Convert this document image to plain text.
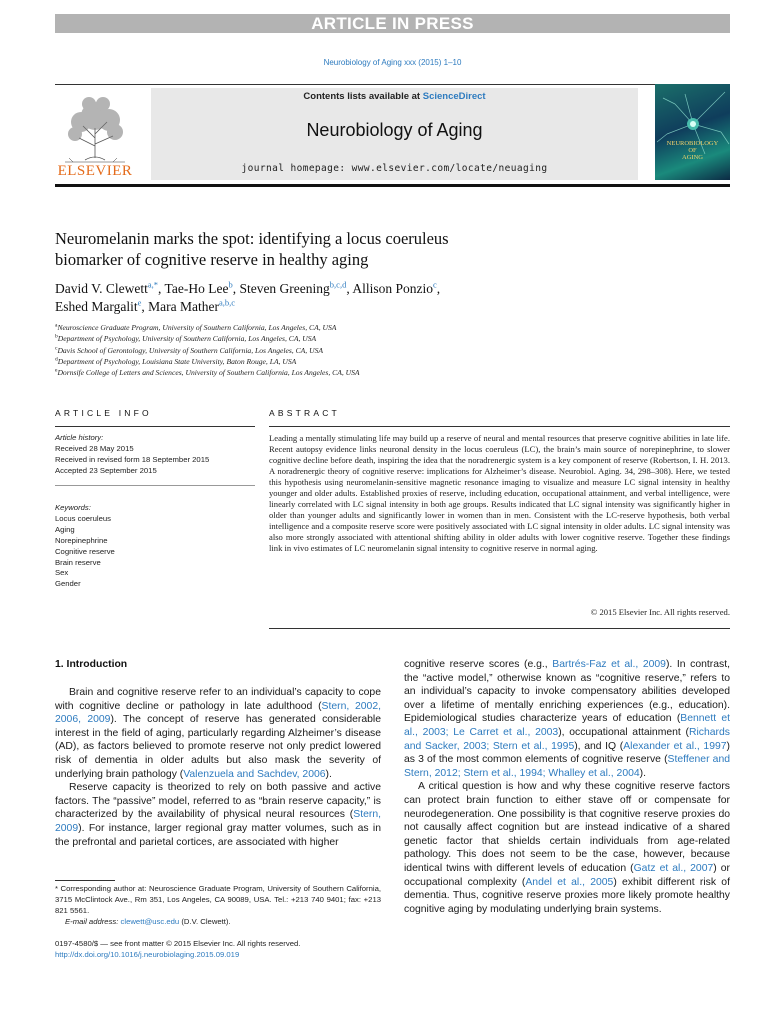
ARTICLE IN PRESS
Neurobiology of Aging xxx (2015) 1–10
ELSEVIER
Contents lists available at ScienceDirect
Neurobiology of Aging
journal homepage: www.elsevier.com/locate/neuaging
NEUROBIOLOGY
OF
AGING
Neuromelanin marks the spot: identifying a locus coeruleus
biomarker of cognitive reserve in healthy aging
David V. Clewett$^{a,*}$, Tae-Ho Lee$^b$, Steven Greening$^{b,c,d}$, Allison Ponzio$^c$,
Eshed Margalit$^e$, Mara Mather$^{a,b,c}$
$^a$Neuroscience Graduate Program, University of Southern California, Los Angeles, CA, USA
$^b$Department of Psychology, University of Southern California, Los Angeles, CA, USA
$^c$Davis School of Gerontology, University of Southern California, Los Angeles, CA, USA
$^d$Department of Psychology, Louisiana State University, Baton Rouge, LA, USA
$^e$Dornsife College of Letters and Sciences, University of Southern California, Los Angeles, CA, USA
ARTICLE INFO	ABSTRACT
Article history:
Received 28 May 2015
Received in revised form 18 September 2015
Accepted 23 September 2015
Keywords:
Locus coeruleus
Aging
Norepinephrine
Cognitive reserve
Brain reserve
Sex
Gender
Leading a mentally stimulating life may build up a reserve of neural and mental resources that preserve cognitive abilities in late life. Recent autopsy evidence links neuronal density in the locus coeruleus (LC), the brain’s main source of norepinephrine, to slower cognitive decline before death, inspiring the idea that the noradrenergic system is a key component of reserve (Robertson, I. H. 2013. A noradrenergic theory of cognitive reserve: implications for Alzheimer’s disease. Neurobiol. Aging. 34, 298–308). Here, we tested this hypothesis using neuromelanin-sensitive magnetic resonance imaging to visualize and measure LC signal intensity in healthy younger and older adults. Established proxies of reserve, including education, occupational attainment, and verbal intelligence, were linearly correlated with LC signal intensity in both age groups. Results indicated that LC signal intensity was significantly higher in older than younger adults and significantly lower in women than in men. Consistent with the LC-reserve hypothesis, both verbal intelligence and a composite reserve score were positively associated with LC signal intensity in older adults. LC signal intensity was also more strongly associated with attentional shifting ability in older adults with lower cognitive reserve. Together these findings link in vivo estimates of LC neuromelanin signal intensity to cognitive reserve in normal aging.
© 2015 Elsevier Inc. All rights reserved.
1. Introduction

Brain and cognitive reserve refer to an individual’s capacity to cope with cognitive decline or pathology in late adulthood (Stern, 2002, 2006, 2009). The concept of reserve has generated considerable interest in the field of aging, particularly regarding Alzheimer’s disease (AD), as factors believed to promote reserve not only predict lowered risk of dementia in older adults but also mask the severity of underlying brain pathology (Valenzuela and Sachdev, 2006).

Reserve capacity is theorized to rely on both passive and active factors. The “passive” model, referred to as “brain reserve capacity,” is characterized by the availability of physical neural resources (Stern, 2009). For instance, larger regional gray matter volumes, such as in the prefrontal and parietal cortices, are associated with higher

cognitive reserve scores (e.g., Bartrés-Faz et al., 2009). In contrast, the “active model,” otherwise known as “cognitive reserve,” refers to an individual’s capacity to invoke compensatory abilities developed over a lifetime of mentally enriching experiences (e.g., education). Epidemiological studies characterize years of education (Bennett et al., 2003; Le Carret et al., 2003), occupational attainment (Richards and Sacker, 2003; Stern et al., 1995), and IQ (Alexander et al., 1997) as 3 of the most common elements of cognitive reserve (Steffener and Stern, 2012; Stern et al., 1994; Whalley et al., 2004).

A critical question is how and why these cognitive reserve factors can protect brain function to either stave off or compensate for neurodegeneration. One possibility is that cognitive reserve proxies do not causally affect cognition but are instead indicative of a shared genetic factor that shields certain individuals from age-related pathology. This does not seem to be the case, however, because identical twins with different levels of education (Gatz et al., 2007) or occupational complexity (Andel et al., 2005) exhibit different risk of dementia. Thus, cognitive reserve proxies more likely promote healthy cognitive aging by modulating underlying brain systems.

* Corresponding author at: Neuroscience Graduate Program, University of Southern California, 3715 McClintock Ave., Rm 351, Los Angeles, CA 90089, USA. Tel.: +213 740 9401; fax: +213 821 5561.
E-mail address: clewett@usc.edu (D.V. Clewett).
0197-4580/$ — see front matter © 2015 Elsevier Inc. All rights reserved.
http://dx.doi.org/10.1016/j.neurobiolaging.2015.09.019
